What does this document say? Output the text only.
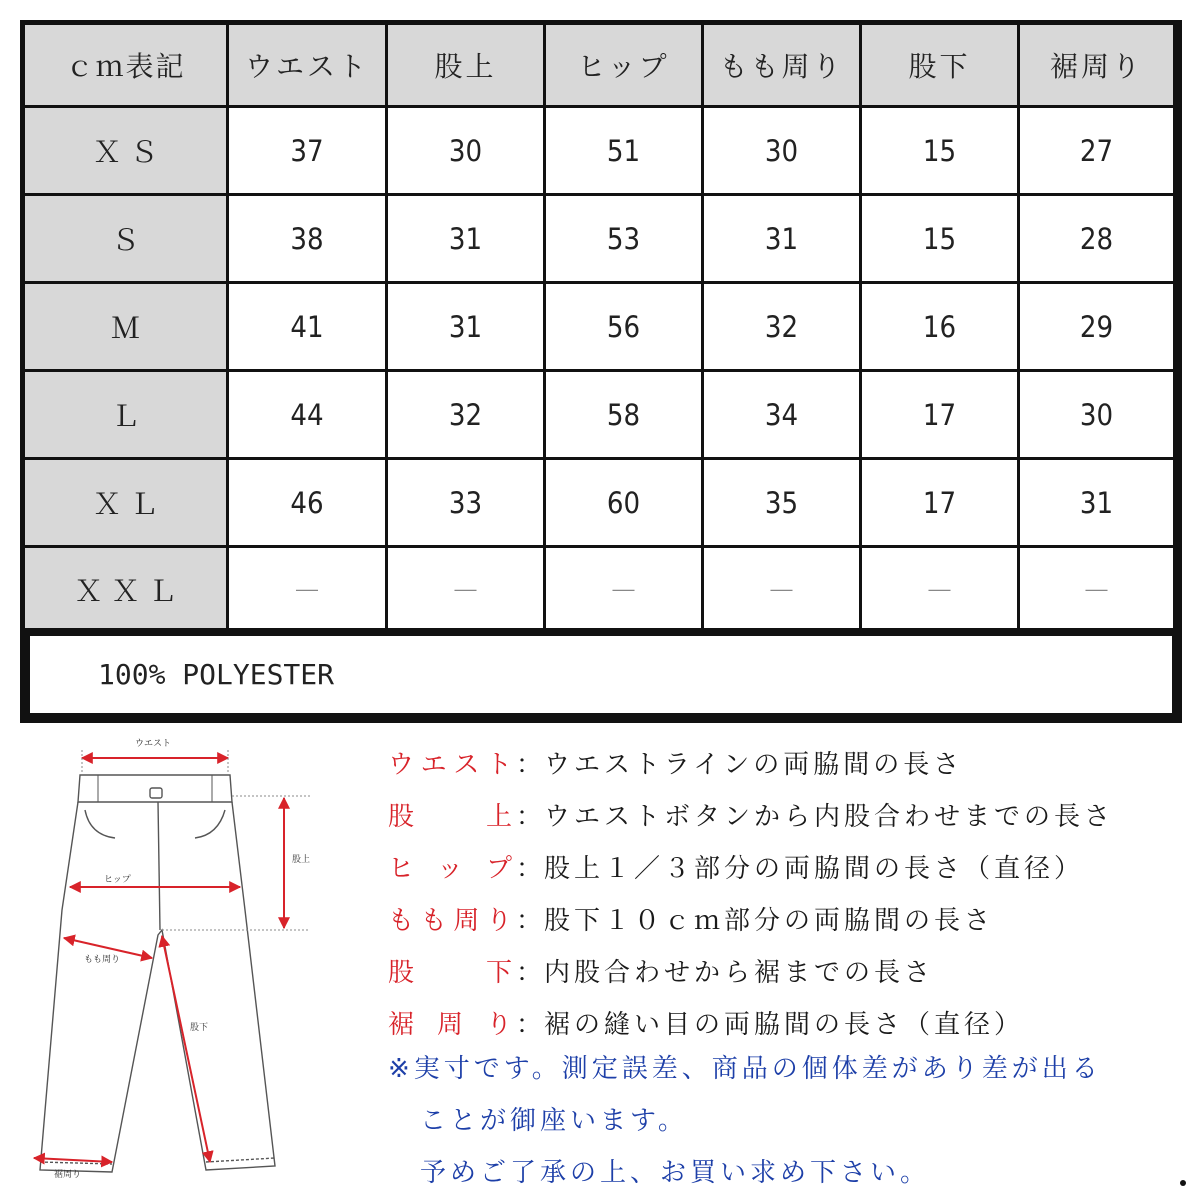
ｃｍ表記	ウエスト	股上	ヒップ	もも周り	股下	裾周り
ＸＳ	37	30	51	30	15	27
Ｓ	38	31	53	31	15	28
Ｍ	41	31	56	32	16	29
Ｌ	44	32	58	34	17	30
ＸＬ	46	33	60	35	17	31
ＸＸＬ	－	－	－	－	－	－
100% POLYESTER
ウエスト
股上
ヒップ
もも周り
股下
裾周り
ウ エ ス ト ： ウエストラインの両脇間の長さ
股	上 ： ウエストボタンから内股合わせまでの長さ
ヒ ッ プ ： 股上１／３部分の両脇間の長さ（直径）
も も 周 り ： 股下１０ｃｍ部分の両脇間の長さ
股	下 ： 内股合わせから裾までの長さ
裾 周 り ： 裾の縫い目の両脇間の長さ（直径）
※実寸です。測定誤差、商品の個体差があり差が出る
ことが御座います。
予めご了承の上、お買い求め下さい。
